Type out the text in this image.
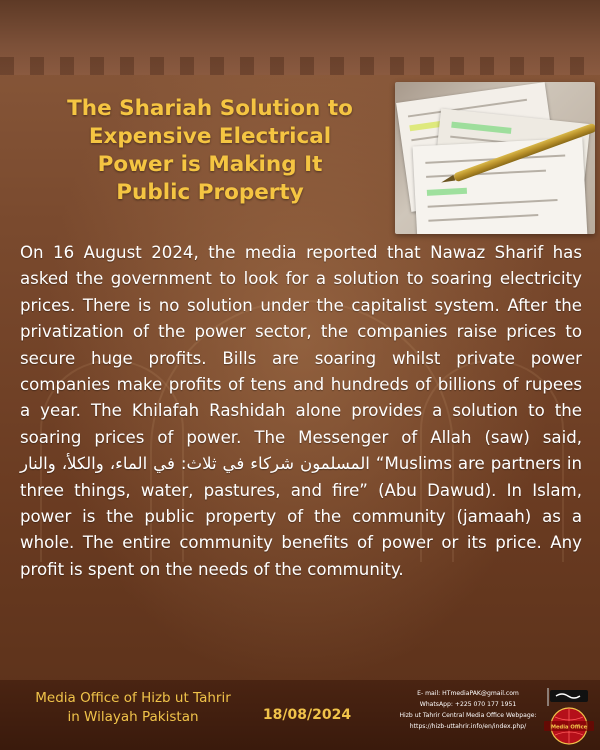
The Shariah Solution to
Expensive Electrical
Power is Making It
Public Property
On 16 August 2024, the media reported that Nawaz Sharif has asked the government to look for a solution to soaring electricity prices. There is no solution under the capitalist system. After the privatization of the power sector, the companies raise prices to secure huge profits. Bills are soaring whilst private power companies make profits of tens and hundreds of billions of rupees a year. The Khilafah Rashidah alone provides a solution to the soaring prices of power. The Messenger of Allah (saw) said, المسلمون شركاء في ثلاث: في الماء، والكلأ، والنار “Muslims are partners in three things, water, pastures, and fire” (Abu Dawud). In Islam, power is the public property of the community (jamaah) as a whole. The entire community benefits of power or its price. Any profit is spent on the needs of the community.
Media Office of Hizb ut Tahrir
in Wilayah Pakistan	18/08/2024
E- mail: HTmediaPAK@gmail.com
WhatsApp: +225 070 177 1951
Hizb ut Tahrir Central Media Office Webpage:
https://hizb-uttahrir.info/en/index.php/	Media Office
